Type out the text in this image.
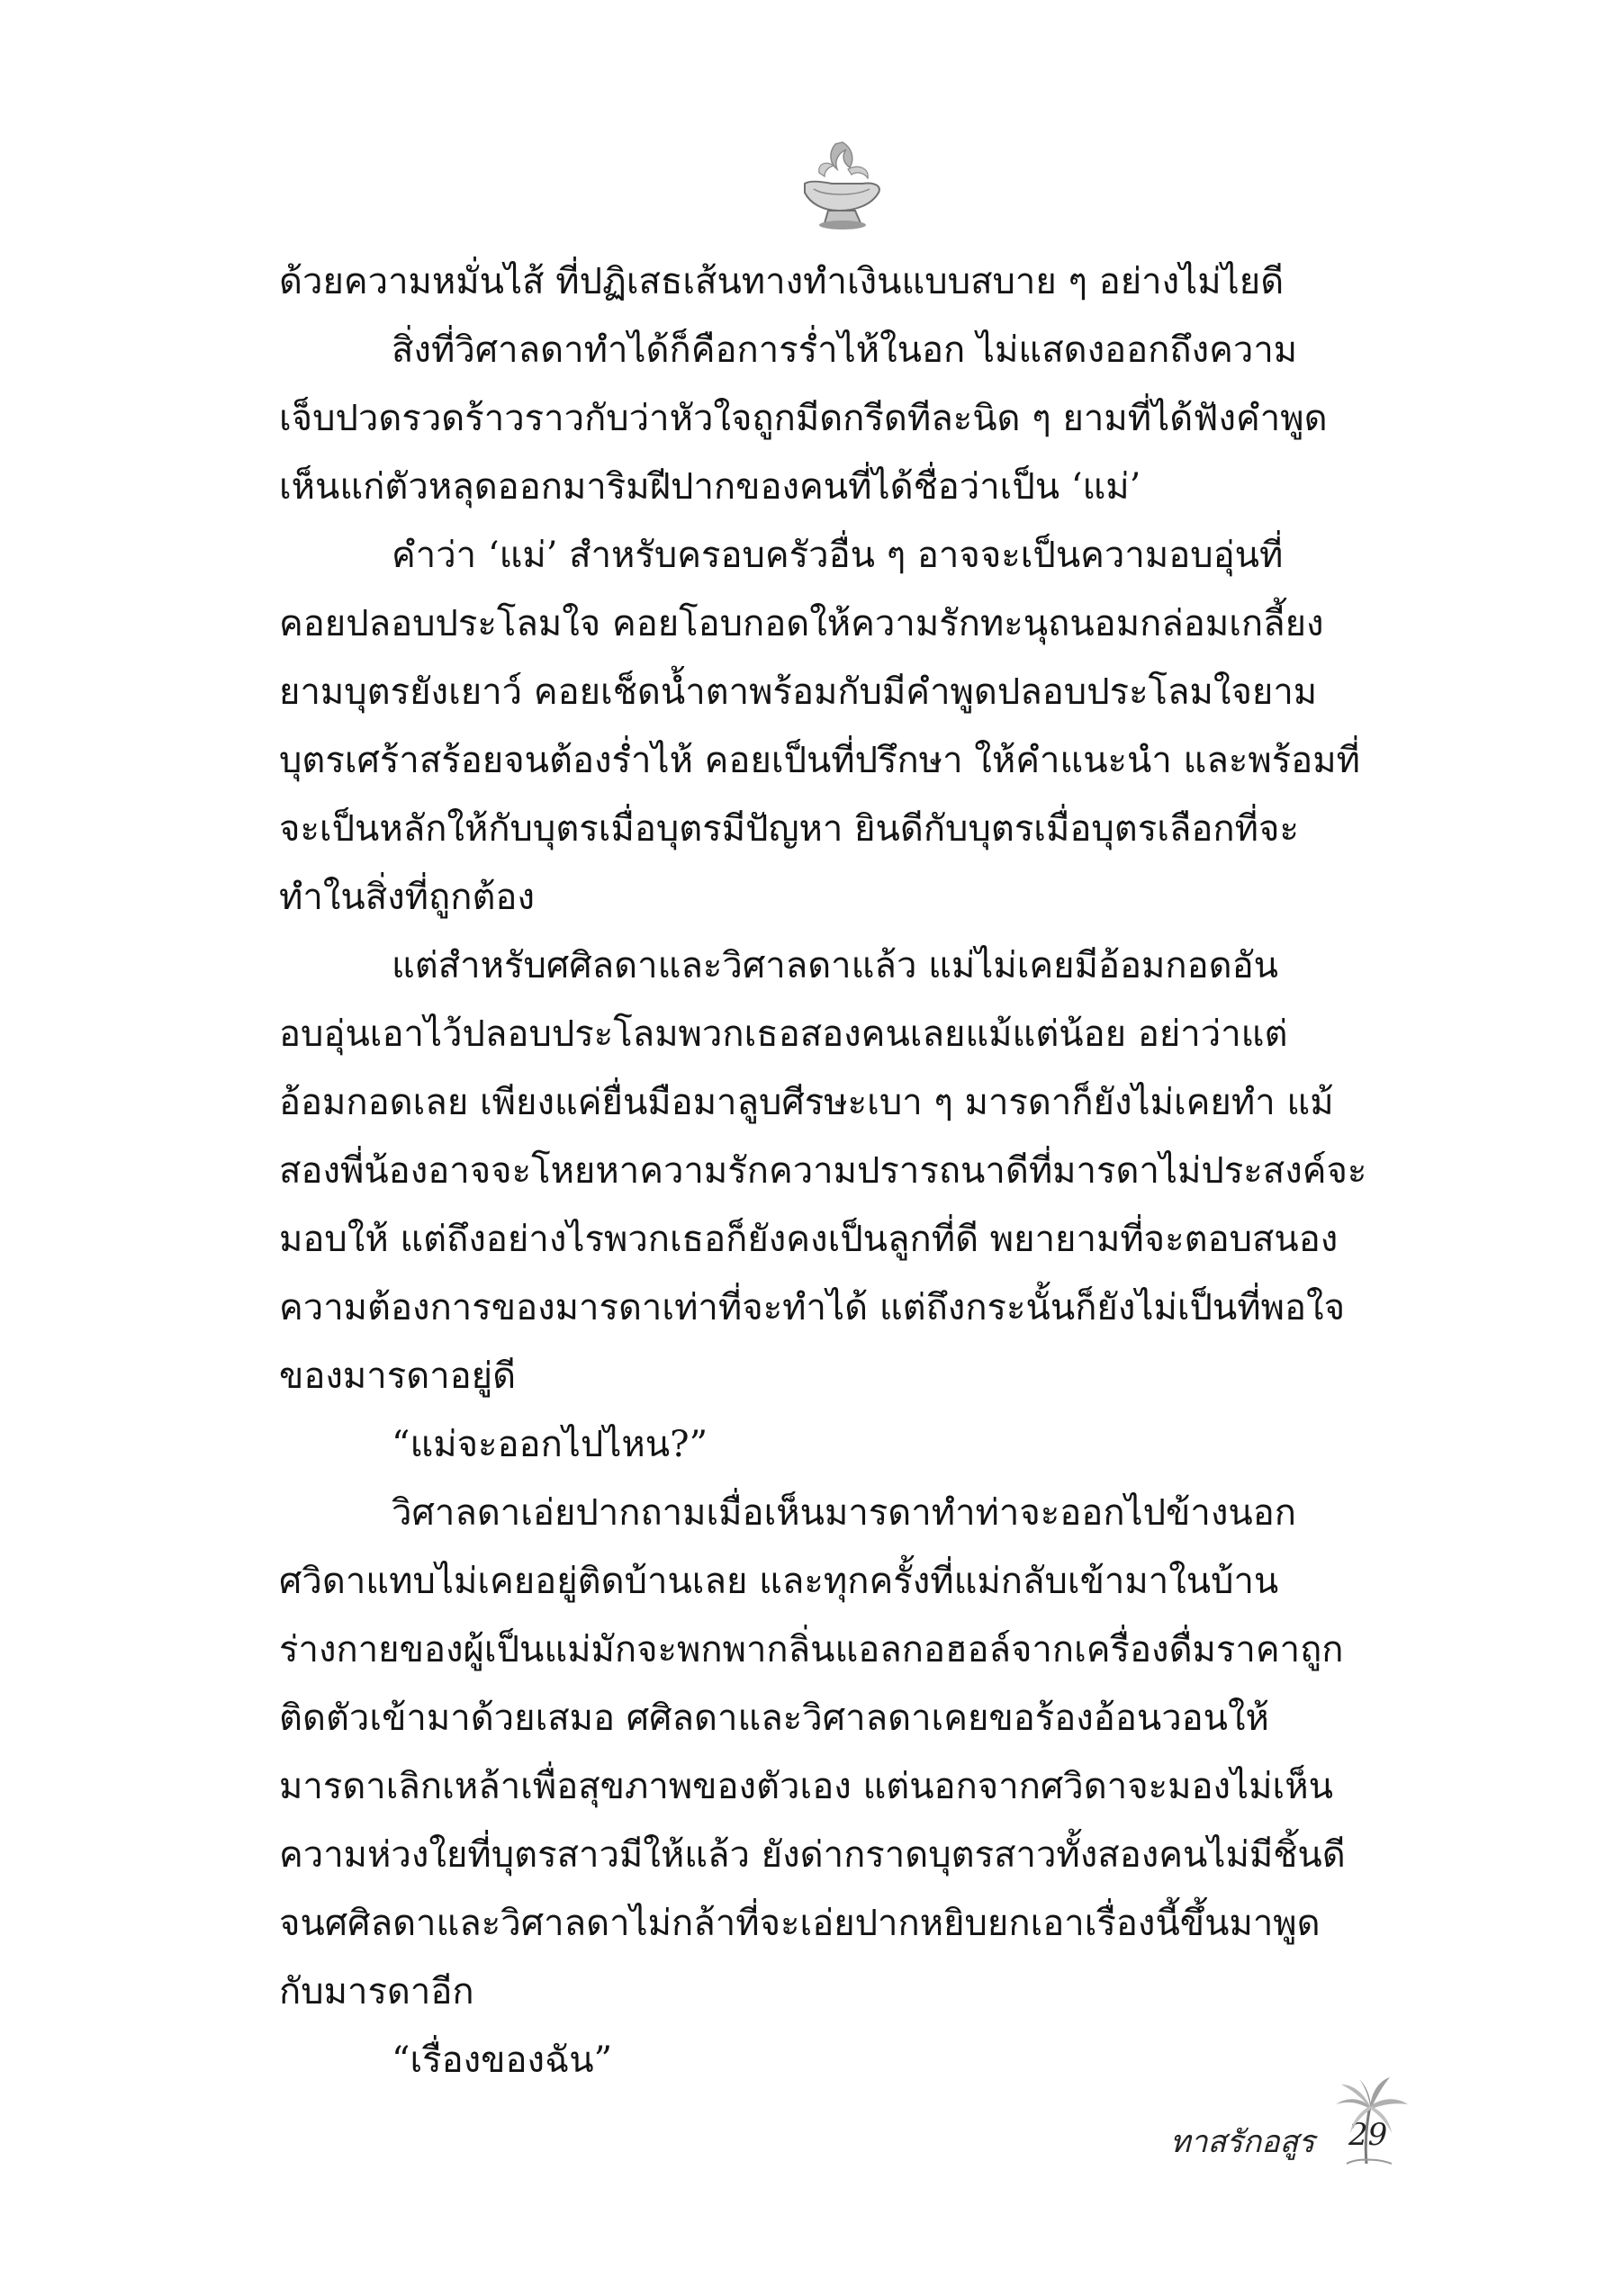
ด้วยความหมั่นไส้ ที่ปฏิเสธเส้นทางทำเงินแบบสบาย ๆ อย่างไม่ไยดี
สิ่งที่วิศาลดาทำได้ก็คือการร่ำไห้ในอก ไม่แสดงออกถึงความ
เจ็บปวดรวดร้าวราวกับว่าหัวใจถูกมีดกรีดทีละนิด ๆ ยามที่ได้ฟังคำพูด
เห็นแก่ตัวหลุดออกมาริมฝีปากของคนที่ได้ชื่อว่าเป็น ‘แม่’
คำว่า ‘แม่’ สำหรับครอบครัวอื่น ๆ อาจจะเป็นความอบอุ่นที่
คอยปลอบประโลมใจ คอยโอบกอดให้ความรักทะนุถนอมกล่อมเกลี้ยง
ยามบุตรยังเยาว์ คอยเช็ดน้ำตาพร้อมกับมีคำพูดปลอบประโลมใจยาม
บุตรเศร้าสร้อยจนต้องร่ำไห้ คอยเป็นที่ปรึกษา ให้คำแนะนำ และพร้อมที่
จะเป็นหลักให้กับบุตรเมื่อบุตรมีปัญหา ยินดีกับบุตรเมื่อบุตรเลือกที่จะ
ทำในสิ่งที่ถูกต้อง
แต่สำหรับศศิลดาและวิศาลดาแล้ว แม่ไม่เคยมีอ้อมกอดอัน
อบอุ่นเอาไว้ปลอบประโลมพวกเธอสองคนเลยแม้แต่น้อย อย่าว่าแต่
อ้อมกอดเลย เพียงแค่ยื่นมือมาลูบศีรษะเบา ๆ มารดาก็ยังไม่เคยทำ แม้
สองพี่น้องอาจจะโหยหาความรักความปรารถนาดีที่มารดาไม่ประสงค์จะ
มอบให้ แต่ถึงอย่างไรพวกเธอก็ยังคงเป็นลูกที่ดี พยายามที่จะตอบสนอง
ความต้องการของมารดาเท่าที่จะทำได้ แต่ถึงกระนั้นก็ยังไม่เป็นที่พอใจ
ของมารดาอยู่ดี
“แม่จะออกไปไหน?”
วิศาลดาเอ่ยปากถามเมื่อเห็นมารดาทำท่าจะออกไปข้างนอก
ศวิดาแทบไม่เคยอยู่ติดบ้านเลย และทุกครั้งที่แม่กลับเข้ามาในบ้าน
ร่างกายของผู้เป็นแม่มักจะพกพากลิ่นแอลกอฮอล์จากเครื่องดื่มราคาถูก
ติดตัวเข้ามาด้วยเสมอ ศศิลดาและวิศาลดาเคยขอร้องอ้อนวอนให้
มารดาเลิกเหล้าเพื่อสุขภาพของตัวเอง แต่นอกจากศวิดาจะมองไม่เห็น
ความห่วงใยที่บุตรสาวมีให้แล้ว ยังด่ากราดบุตรสาวทั้งสองคนไม่มีชิ้นดี
จนศศิลดาและวิศาลดาไม่กล้าที่จะเอ่ยปากหยิบยกเอาเรื่องนี้ขึ้นมาพูด
กับมารดาอีก
“เรื่องของฉัน”
ทาสรักอสูร 29
